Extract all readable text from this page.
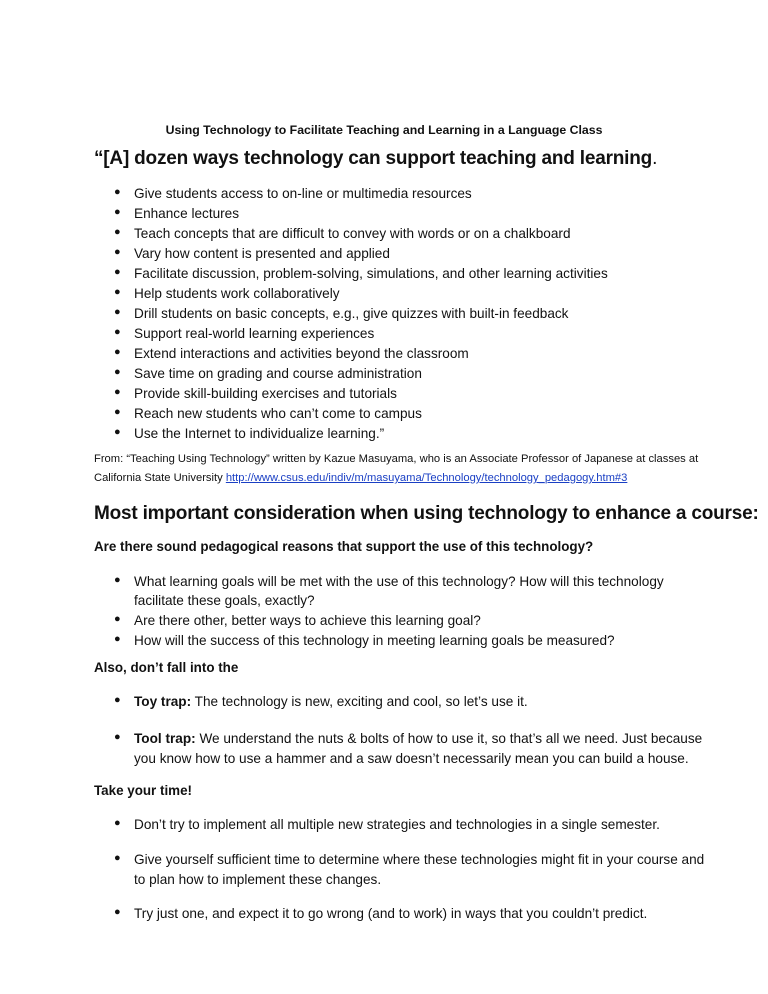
Using Technology to Facilitate Teaching and Learning in a Language Class
“[A] dozen ways technology can support teaching and learning.
● Give students access to on-line or multimedia resources
● Enhance lectures
● Teach concepts that are difficult to convey with words or on a chalkboard
● Vary how content is presented and applied
● Facilitate discussion, problem-solving, simulations, and other learning activities
● Help students work collaboratively
● Drill students on basic concepts, e.g., give quizzes with built-in feedback
● Support real-world learning experiences
● Extend interactions and activities beyond the classroom
● Save time on grading and course administration
● Provide skill-building exercises and tutorials
● Reach new students who can’t come to campus
● Use the Internet to individualize learning.”
From: “Teaching Using Technology” written by Kazue Masuyama, who is an Associate Professor of Japanese at classes at
California State University http://www.csus.edu/indiv/m/masuyama/Technology/technology_pedagogy.htm#3
Most important consideration when using technology to enhance a course:
Are there sound pedagogical reasons that support the use of this technology?
● What learning goals will be met with the use of this technology? How will this technology
facilitate these goals, exactly?
● Are there other, better ways to achieve this learning goal?
● How will the success of this technology in meeting learning goals be measured?
Also, don’t fall into the
● Toy trap: The technology is new, exciting and cool, so let’s use it.
● Tool trap: We understand the nuts & bolts of how to use it, so that’s all we need. Just because
you know how to use a hammer and a saw doesn’t necessarily mean you can build a house.
Take your time!
● Don’t try to implement all multiple new strategies and technologies in a single semester.
● Give yourself sufficient time to determine where these technologies might fit in your course and
to plan how to implement these changes.
● Try just one, and expect it to go wrong (and to work) in ways that you couldn’t predict.
